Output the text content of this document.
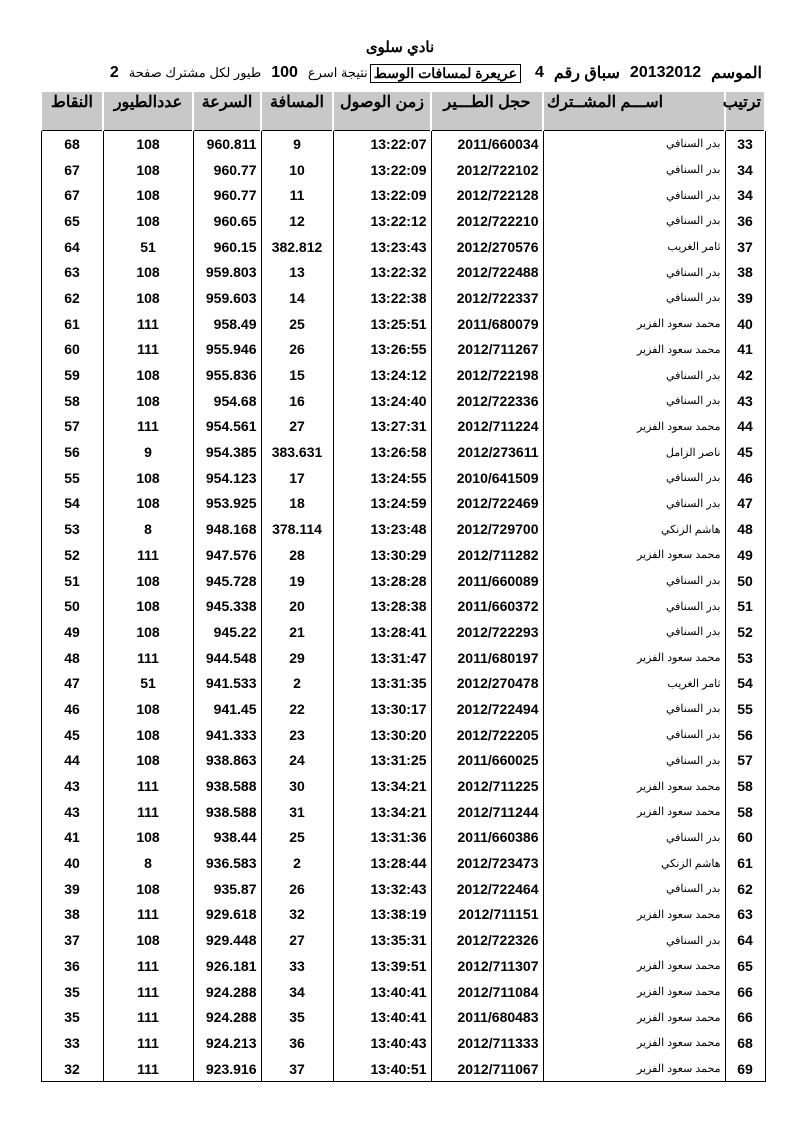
نادي سلوى
الموسم
20132012
سباق رقم
4
عريعرة لمسافات الوسط
نتيجة اسرع
100
طيور لكل مشترك صفحة
2
ترتيب	اســـم المشــترك	حجل الطـــير	زمن الوصول	المسافة	السرعة	عددالطيور	النقاط
33	بدر السنافي	2011/660034	13:22:07	9	960.811	108	68
34	بدر السنافي	2012/722102	13:22:09	10	960.77	108	67
34	بدر السنافي	2012/722128	13:22:09	11	960.77	108	67
36	بدر السنافي	2012/722210	13:22:12	12	960.65	108	65
37	ثامر الغريب	2012/270576	13:23:43	382.812	960.15	51	64
38	بدر السنافي	2012/722488	13:22:32	13	959.803	108	63
39	بدر السنافي	2012/722337	13:22:38	14	959.603	108	62
40	محمد سعود الفزير	2011/680079	13:25:51	25	958.49	111	61
41	محمد سعود الفزير	2012/711267	13:26:55	26	955.946	111	60
42	بدر السنافي	2012/722198	13:24:12	15	955.836	108	59
43	بدر السنافي	2012/722336	13:24:40	16	954.68	108	58
44	محمد سعود الفزير	2012/711224	13:27:31	27	954.561	111	57
45	ناصر الزامل	2012/273611	13:26:58	383.631	954.385	9	56
46	بدر السنافي	2010/641509	13:24:55	17	954.123	108	55
47	بدر السنافي	2012/722469	13:24:59	18	953.925	108	54
48	هاشم الزنكي	2012/729700	13:23:48	378.114	948.168	8	53
49	محمد سعود الفزير	2012/711282	13:30:29	28	947.576	111	52
50	بدر السنافي	2011/660089	13:28:28	19	945.728	108	51
51	بدر السنافي	2011/660372	13:28:38	20	945.338	108	50
52	بدر السنافي	2012/722293	13:28:41	21	945.22	108	49
53	محمد سعود الفزير	2011/680197	13:31:47	29	944.548	111	48
54	ثامر الغريب	2012/270478	13:31:35	2	941.533	51	47
55	بدر السنافي	2012/722494	13:30:17	22	941.45	108	46
56	بدر السنافي	2012/722205	13:30:20	23	941.333	108	45
57	بدر السنافي	2011/660025	13:31:25	24	938.863	108	44
58	محمد سعود الفزير	2012/711225	13:34:21	30	938.588	111	43
58	محمد سعود الفزير	2012/711244	13:34:21	31	938.588	111	43
60	بدر السنافي	2011/660386	13:31:36	25	938.44	108	41
61	هاشم الزنكي	2012/723473	13:28:44	2	936.583	8	40
62	بدر السنافي	2012/722464	13:32:43	26	935.87	108	39
63	محمد سعود الفزير	2012/711151	13:38:19	32	929.618	111	38
64	بدر السنافي	2012/722326	13:35:31	27	929.448	108	37
65	محمد سعود الفزير	2012/711307	13:39:51	33	926.181	111	36
66	محمد سعود الفزير	2012/711084	13:40:41	34	924.288	111	35
66	محمد سعود الفزير	2011/680483	13:40:41	35	924.288	111	35
68	محمد سعود الفزير	2012/711333	13:40:43	36	924.213	111	33
69	محمد سعود الفزير	2012/711067	13:40:51	37	923.916	111	32
